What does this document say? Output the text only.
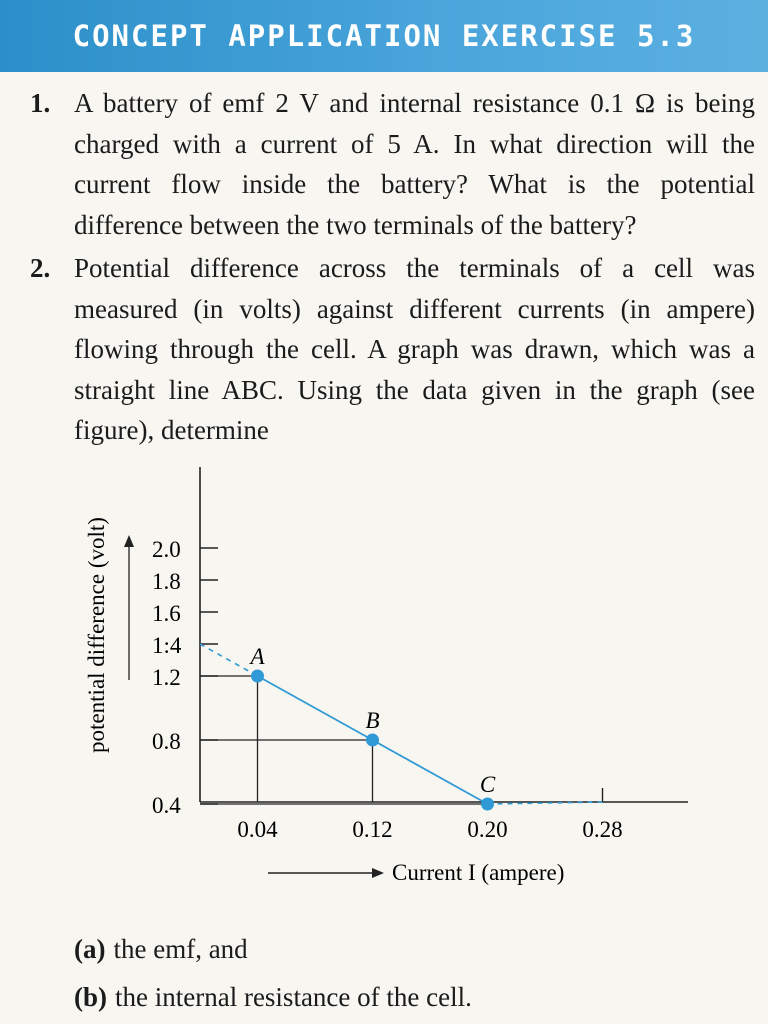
CONCEPT APPLICATION EXERCISE 5.3
1. A battery of emf 2 V and internal resistance 0.1 Ω is being charged with a current of 5 A. In what direction will the current flow inside the battery? What is the potential difference between the two terminals of the battery?
2. Potential difference across the terminals of a cell was measured (in volts) against different currents (in ampere) flowing through the cell. A graph was drawn, which was a straight line ABC. Using the data given in the graph (see figure), determine
0.4
0.8
1.2
1:4
1.6
1.8
2.0
0.04	0.12	0.20	0.28
A
B
C
potential difference (volt)
Current I (ampere)
(a) the emf, and
(b) the internal resistance of the cell.
